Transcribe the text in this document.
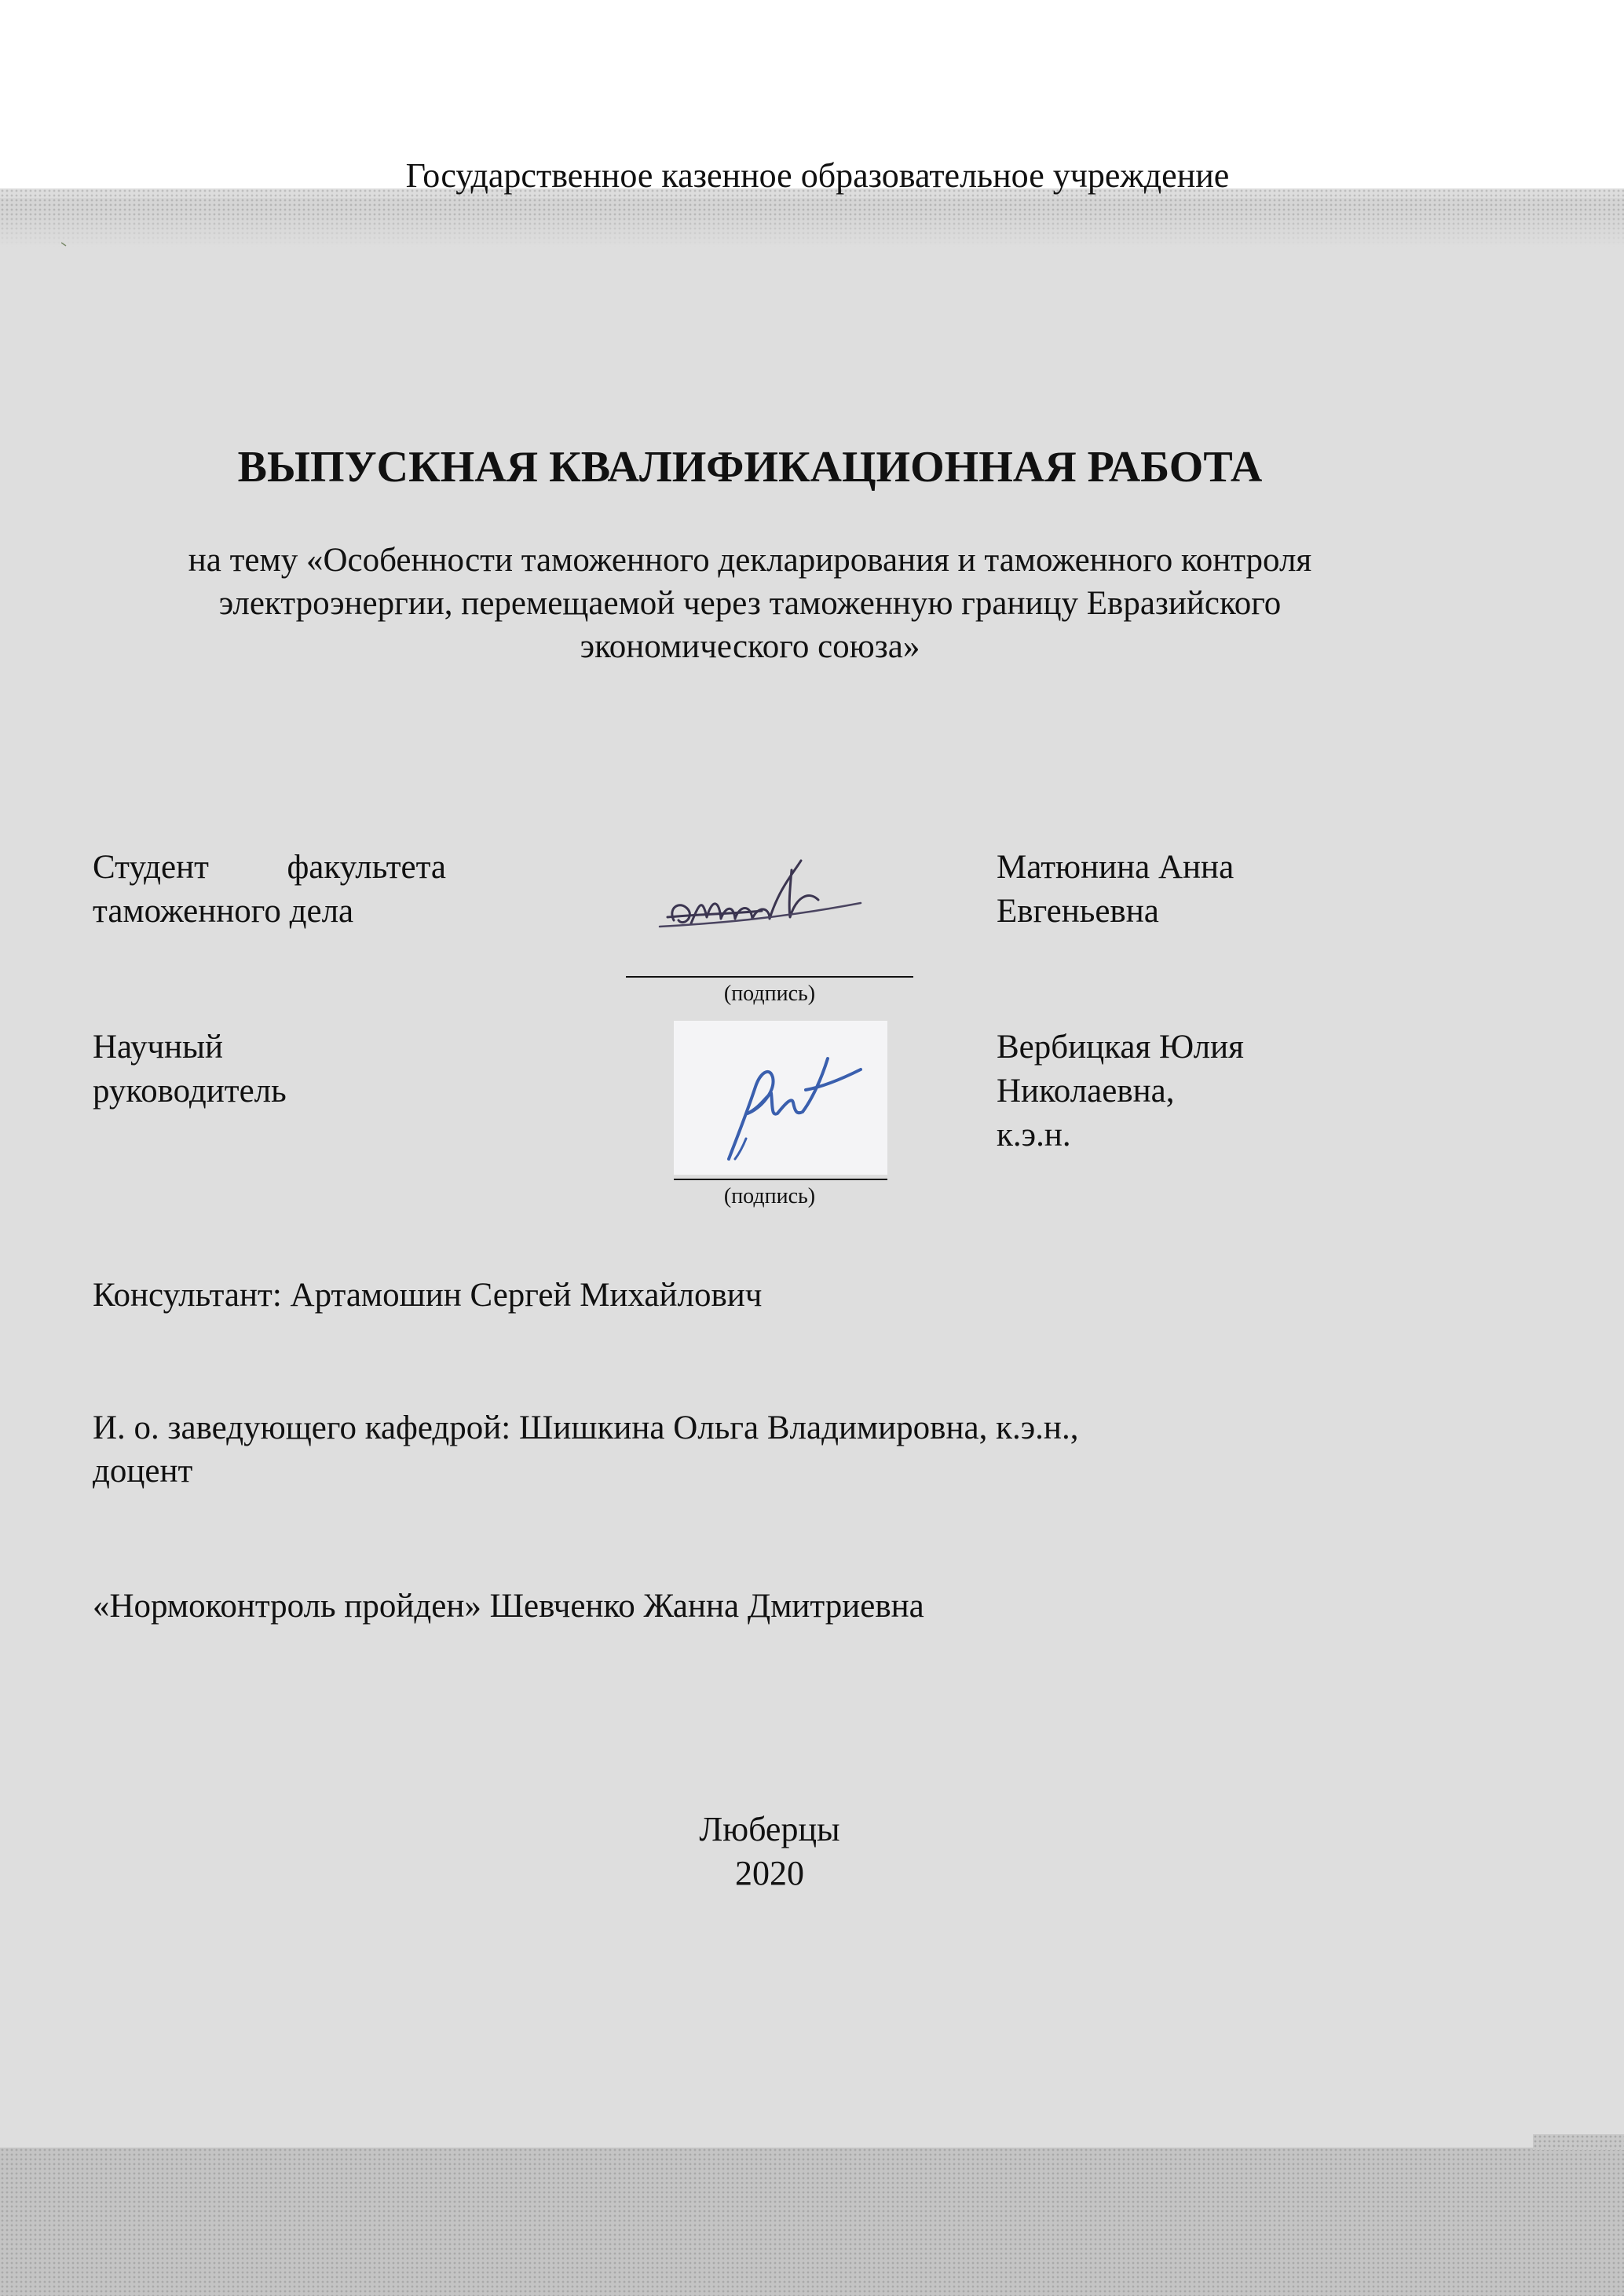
Государственное казенное образовательное учреждение
ВЫПУСКНАЯ КВАЛИФИКАЦИОННАЯ РАБОТА
на тему «Особенности таможенного декларирования и таможенного контроля
электроэнергии, перемещаемой через таможенную границу Евразийского
экономического союза»
Студент факультета
таможенного дела
(подпись)
Матюнина Анна
Евгеньевна
Научный
руководитель
(подпись)
Вербицкая Юлия
Николаевна,
к.э.н.
Консультант: Артамошин Сергей Михайлович
И. о. заведующего кафедрой: Шишкина Ольга Владимировна, к.э.н.,
доцент
«Нормоконтроль пройден» Шевченко Жанна Дмитриевна
Люберцы
2020
